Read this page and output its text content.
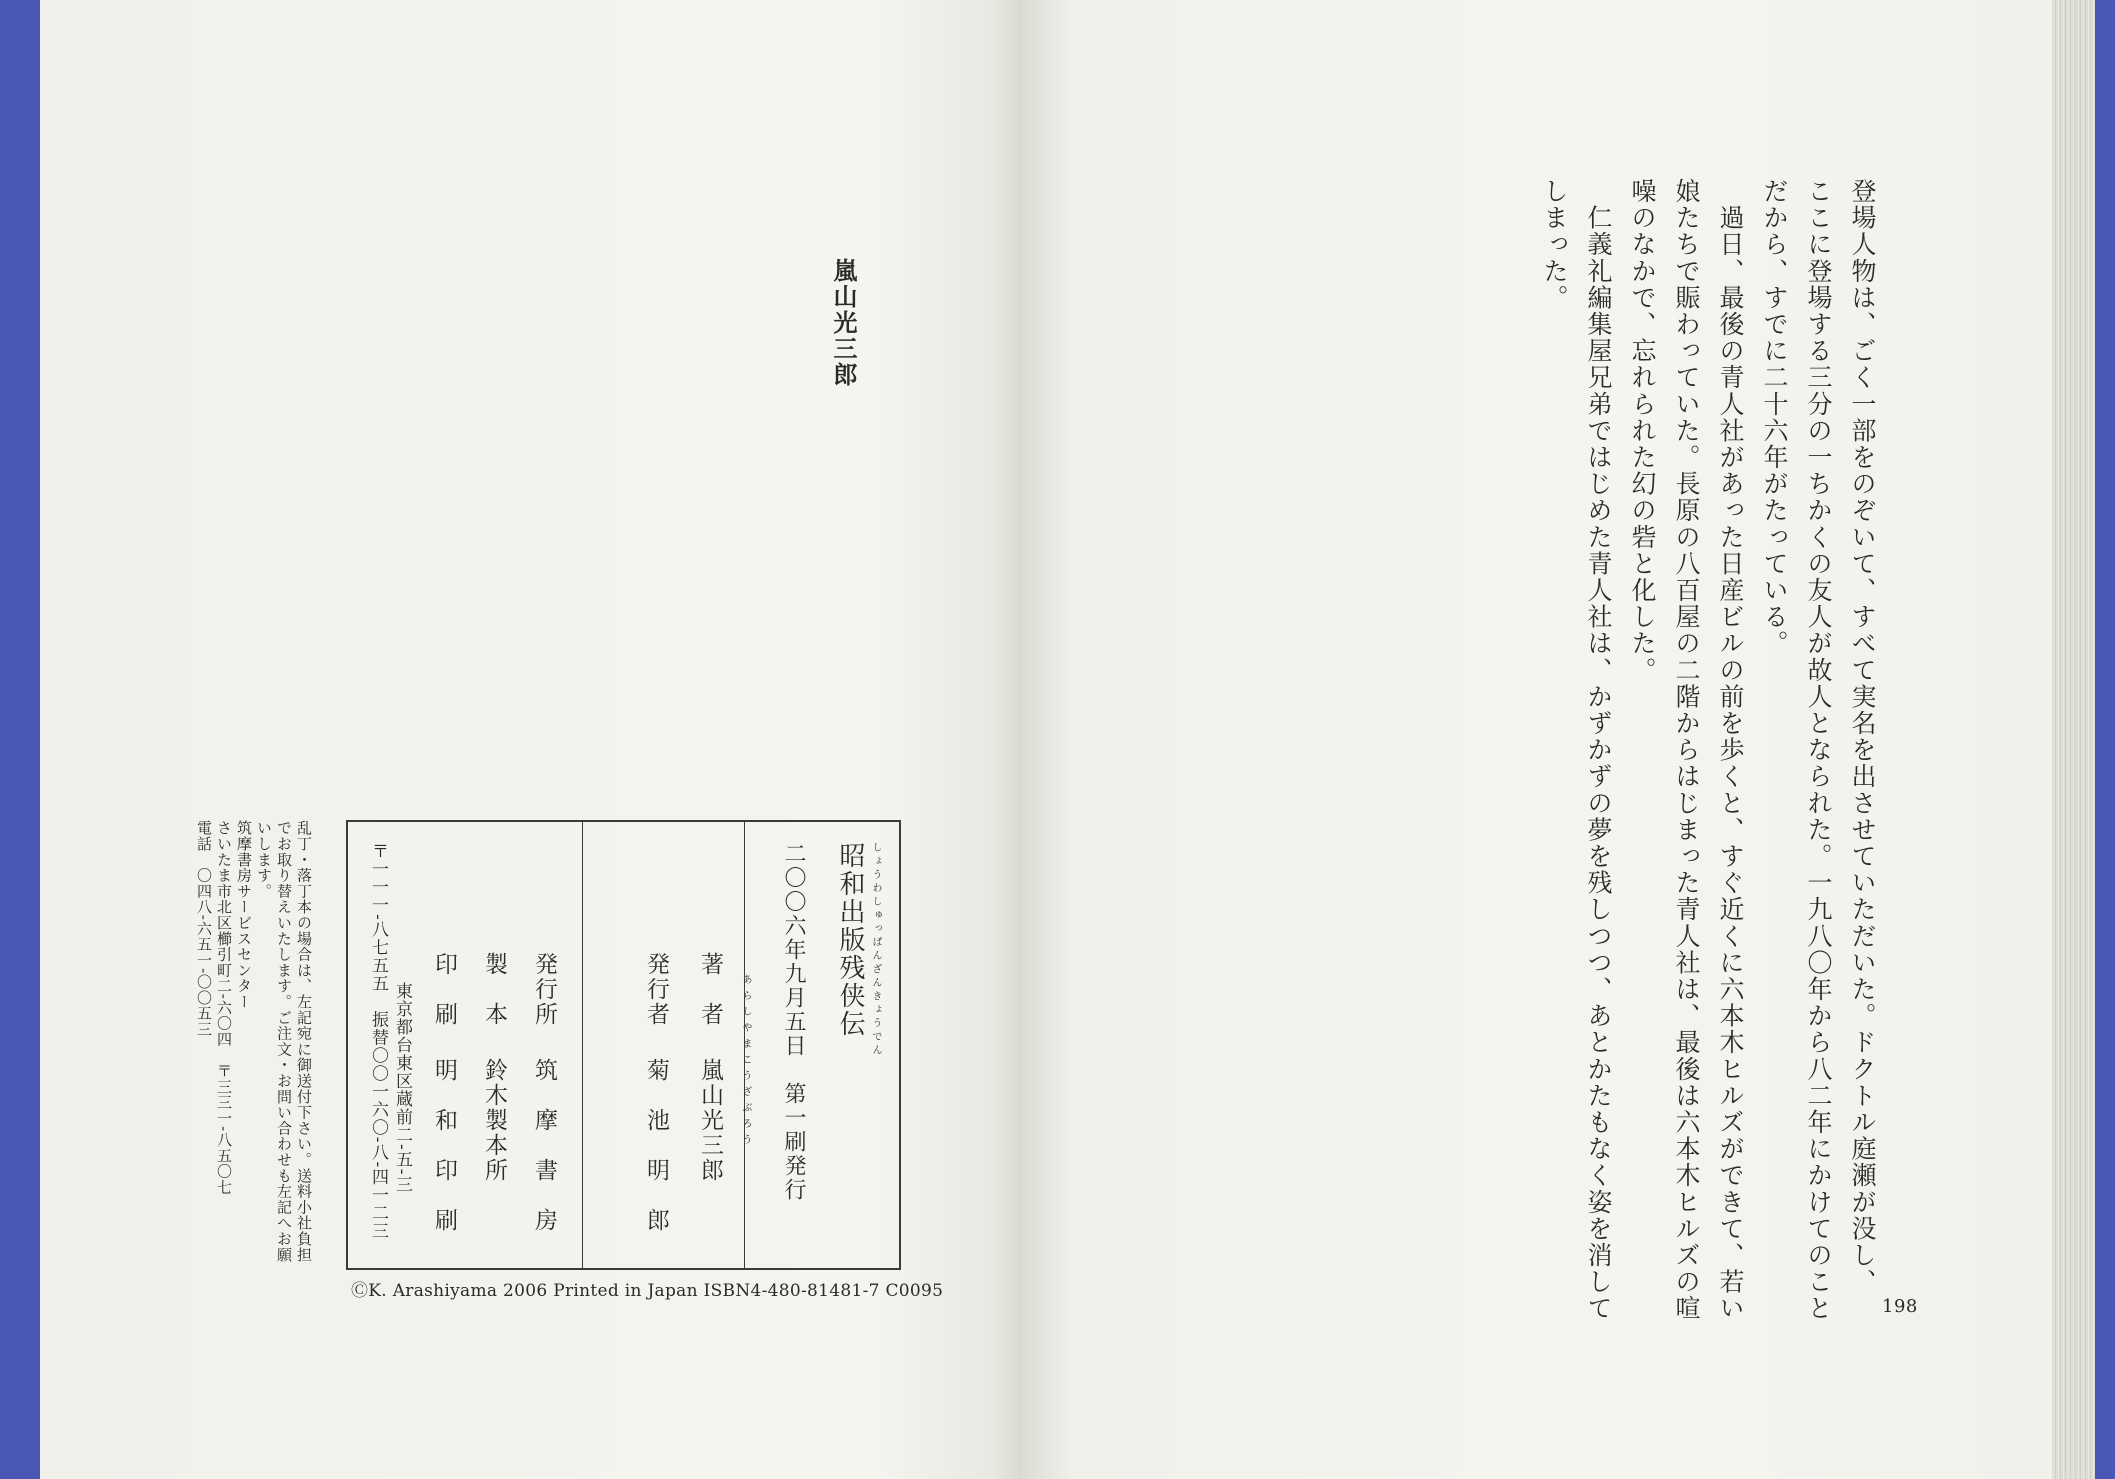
嵐山光三郎
しょうわしゅっぱんざんきょうでん
昭和出版残侠伝
二〇〇六年九月五日　第一刷発行
著　者	あらしやまこうざぶろう
嵐山光三郎
発行者
菊　池　明　郎
発行所
筑　摩　書　房
製　本
鈴木製本所
印　刷
明　和　印　刷
東京都台東区蔵前二-五-三
〒一一一-八七五五　振替〇〇一六〇-八-四一二三
乱丁・落丁本の場合は、左記宛に御送付下さい。送料小社負担
でお取り替えいたします。ご注文・お問い合わせも左記へお願
いします。
筑摩書房サービスセンター
さいたま市北区櫛引町二-六〇四　〒三三一-八五〇七
電話　〇四八-六五一-〇〇五三
ⒸK. Arashiyama 2006 Printed in Japan ISBN4-480-81481-7 C0095	登場人物は、ごく一部をのぞいて、すべて実名を出させていただいた。ドクトル庭瀬が没し、
ここに登場する三分の一ちかくの友人が故人となられた。一九八〇年から八二年にかけてのこと
だから、すでに二十六年がたっている。
　過日、最後の青人社があった日産ビルの前を歩くと、すぐ近くに六本木ヒルズができて、若い
娘たちで賑わっていた。長原の八百屋の二階からはじまった青人社は、最後は六本木ヒルズの喧
噪のなかで、忘れられた幻の砦と化した。
　仁義礼編集屋兄弟ではじめた青人社は、かずかずの夢を残しつつ、あとかたもなく姿を消して
しまった。
198
